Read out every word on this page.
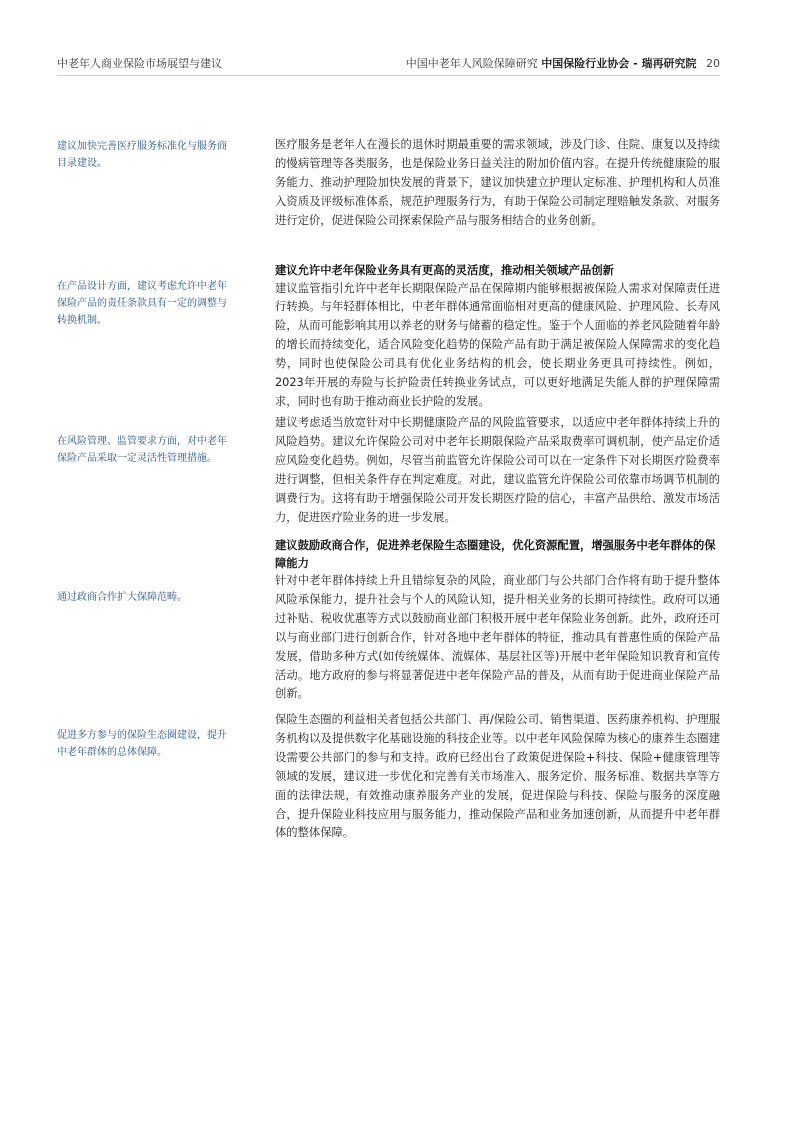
中老年人商业保险市场展望与建议	中国中老年人风险保障研究 中国保险行业协会 - 瑞再研究院 20
建议加快完善医疗服务标准化与服务商目录建设。
在产品设计方面，建议考虑允许中老年保险产品的责任条款具有一定的调整与转换机制。
在风险管理、监管要求方面，对中老年保险产品采取一定灵活性管理措施。
通过政商合作扩大保障范畴。
促进多方参与的保险生态圈建设，提升中老年群体的总体保障。

医疗服务是老年人在漫长的退休时期最重要的需求领域，涉及门诊、住院、康复以及持续的慢病管理等各类服务，也是保险业务日益关注的附加价值内容。在提升传统健康险的服务能力、推动护理险加快发展的背景下，建议加快建立护理认定标准、护理机构和人员准入资质及评级标准体系，规范护理服务行为，有助于保险公司制定理赔触发条款、对服务进行定价，促进保险公司探索保险产品与服务相结合的业务创新。

建议允许中老年保险业务具有更高的灵活度，推动相关领域产品创新

建议监管指引允许中老年长期限保险产品在保障期内能够根据被保险人需求对保障责任进行转换。与年轻群体相比，中老年群体通常面临相对更高的健康风险、护理风险、长寿风险，从而可能影响其用以养老的财务与储蓄的稳定性。鉴于个人面临的养老风险随着年龄的增长而持续变化，适合风险变化趋势的保险产品有助于满足被保险人保障需求的变化趋势，同时也使保险公司具有优化业务结构的机会，使长期业务更具可持续性。例如，2023年开展的寿险与长护险责任转换业务试点，可以更好地满足失能人群的护理保障需求，同时也有助于推动商业长护险的发展。

建议考虑适当放宽针对中长期健康险产品的风险监管要求，以适应中老年群体持续上升的风险趋势。建议允许保险公司对中老年长期限保险产品采取费率可调机制，使产品定价适应风险变化趋势。例如，尽管当前监管允许保险公司可以在一定条件下对长期医疗险费率进行调整，但相关条件存在判定难度。对此，建议监管允许保险公司依靠市场调节机制的调费行为。这将有助于增强保险公司开发长期医疗险的信心，丰富产品供给、激发市场活力，促进医疗险业务的进一步发展。

建议鼓励政商合作，促进养老保险生态圈建设，优化资源配置，增强服务中老年群体的保障能力

针对中老年群体持续上升且错综复杂的风险，商业部门与公共部门合作将有助于提升整体风险承保能力，提升社会与个人的风险认知，提升相关业务的长期可持续性。政府可以通过补贴、税收优惠等方式以鼓励商业部门积极开展中老年保险业务创新。此外，政府还可以与商业部门进行创新合作，针对各地中老年群体的特征，推动具有普惠性质的保险产品发展，借助多种方式(如传统媒体、流媒体、基层社区等)开展中老年保险知识教育和宣传活动。地方政府的参与将显著促进中老年保险产品的普及，从而有助于促进商业保险产品创新。

保险生态圈的利益相关者包括公共部门、再/保险公司、销售渠道、医药康养机构、护理服务机构以及提供数字化基础设施的科技企业等。以中老年风险保障为核心的康养生态圈建设需要公共部门的参与和支持。政府已经出台了政策促进保险+科技、保险+健康管理等领域的发展，建议进一步优化和完善有关市场准入、服务定价、服务标准、数据共享等方面的法律法规，有效推动康养服务产业的发展，促进保险与科技、保险与服务的深度融合，提升保险业科技应用与服务能力，推动保险产品和业务加速创新，从而提升中老年群体的整体保障。
